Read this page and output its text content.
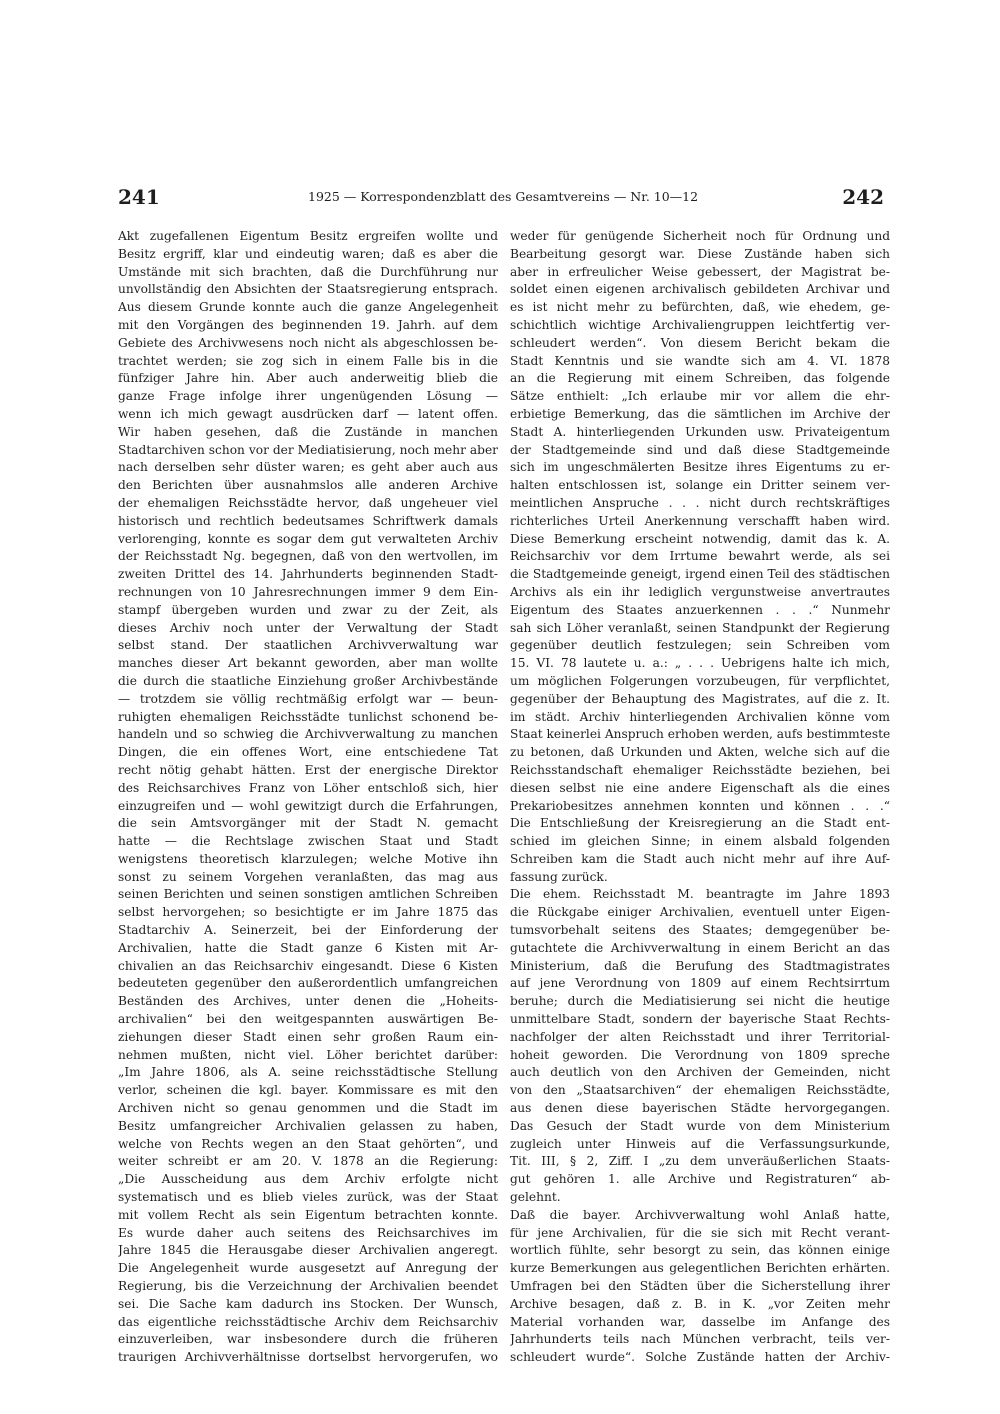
241	1925 — Korrespondenzblatt des Gesamtvereins — Nr. 10—12	242
Akt zugefallenen Eigentum Besitz ergreifen wollte und
Besitz ergriff, klar und eindeutig waren; daß es aber die
Umstände mit sich brachten, daß die Durchführung nur
unvollständig den Absichten der Staatsregierung entsprach.
Aus diesem Grunde konnte auch die ganze Angelegenheit
mit den Vorgängen des beginnenden 19. Jahrh. auf dem
Gebiete des Archivwesens noch nicht als abgeschlossen be-
trachtet werden; sie zog sich in einem Falle bis in die
fünfziger Jahre hin. Aber auch anderweitig blieb die
ganze Frage infolge ihrer ungenügenden Lösung —
wenn ich mich gewagt ausdrücken darf — latent offen.
Wir haben gesehen, daß die Zustände in manchen
Stadtarchiven schon vor der Mediatisierung, noch mehr aber
nach derselben sehr düster waren; es geht aber auch aus
den Berichten über ausnahmslos alle anderen Archive
der ehemaligen Reichsstädte hervor, daß ungeheuer viel
historisch und rechtlich bedeutsames Schriftwerk damals
verlorenging, konnte es sogar dem gut verwalteten Archiv
der Reichsstadt Ng. begegnen, daß von den wertvollen, im
zweiten Drittel des 14. Jahrhunderts beginnenden Stadt-
rechnungen von 10 Jahresrechnungen immer 9 dem Ein-
stampf übergeben wurden und zwar zu der Zeit, als
dieses Archiv noch unter der Verwaltung der Stadt
selbst stand. Der staatlichen Archivverwaltung war
manches dieser Art bekannt geworden, aber man wollte
die durch die staatliche Einziehung großer Archivbestände
— trotzdem sie völlig rechtmäßig erfolgt war — beun-
ruhigten ehemaligen Reichsstädte tunlichst schonend be-
handeln und so schwieg die Archivverwaltung zu manchen
Dingen, die ein offenes Wort, eine entschiedene Tat
recht nötig gehabt hätten. Erst der energische Direktor
des Reichsarchives Franz von Löher entschloß sich, hier
einzugreifen und — wohl gewitzigt durch die Erfahrungen,
die sein Amtsvorgänger mit der Stadt N. gemacht
hatte — die Rechtslage zwischen Staat und Stadt
wenigstens theoretisch klarzulegen; welche Motive ihn
sonst zu seinem Vorgehen veranlaßten, das mag aus
seinen Berichten und seinen sonstigen amtlichen Schreiben
selbst hervorgehen; so besichtigte er im Jahre 1875 das
Stadtarchiv A. Seinerzeit, bei der Einforderung der
Archivalien, hatte die Stadt ganze 6 Kisten mit Ar-
chivalien an das Reichsarchiv eingesandt. Diese 6 Kisten
bedeuteten gegenüber den außerordentlich umfangreichen
Beständen des Archives, unter denen die „Hoheits-
archivalien“ bei den weitgespannten auswärtigen Be-
ziehungen dieser Stadt einen sehr großen Raum ein-
nehmen mußten, nicht viel. Löher berichtet darüber:
„Im Jahre 1806, als A. seine reichsstädtische Stellung
verlor, scheinen die kgl. bayer. Kommissare es mit den
Archiven nicht so genau genommen und die Stadt im
Besitz umfangreicher Archivalien gelassen zu haben,
welche von Rechts wegen an den Staat gehörten“, und
weiter schreibt er am 20. V. 1878 an die Regierung:
„Die Ausscheidung aus dem Archiv erfolgte nicht
systematisch und es blieb vieles zurück, was der Staat
mit vollem Recht als sein Eigentum betrachten konnte.
Es wurde daher auch seitens des Reichsarchives im
Jahre 1845 die Herausgabe dieser Archivalien angeregt.
Die Angelegenheit wurde ausgesetzt auf Anregung der
Regierung, bis die Verzeichnung der Archivalien beendet
sei. Die Sache kam dadurch ins Stocken. Der Wunsch,
das eigentliche reichsstädtische Archiv dem Reichsarchiv
einzuverleiben, war insbesondere durch die früheren
traurigen Archivverhältnisse dortselbst hervorgerufen, wo
weder für genügende Sicherheit noch für Ordnung und
Bearbeitung gesorgt war. Diese Zustände haben sich
aber in erfreulicher Weise gebessert, der Magistrat be-
soldet einen eigenen archivalisch gebildeten Archivar und
es ist nicht mehr zu befürchten, daß, wie ehedem, ge-
schichtlich wichtige Archivaliengruppen leichtfertig ver-
schleudert werden“. Von diesem Bericht bekam die
Stadt Kenntnis und sie wandte sich am 4. VI. 1878
an die Regierung mit einem Schreiben, das folgende
Sätze enthielt: „Ich erlaube mir vor allem die ehr-
erbietige Bemerkung, das die sämtlichen im Archive der
Stadt A. hinterliegenden Urkunden usw. Privateigentum
der Stadtgemeinde sind und daß diese Stadtgemeinde
sich im ungeschmälerten Besitze ihres Eigentums zu er-
halten entschlossen ist, solange ein Dritter seinem ver-
meintlichen Anspruche . . . nicht durch rechtskräftiges
richterliches Urteil Anerkennung verschafft haben wird.
Diese Bemerkung erscheint notwendig, damit das k. A.
Reichsarchiv vor dem Irrtume bewahrt werde, als sei
die Stadtgemeinde geneigt, irgend einen Teil des städtischen
Archivs als ein ihr lediglich vergunstweise anvertrautes
Eigentum des Staates anzuerkennen . . .“ Nunmehr
sah sich Löher veranlaßt, seinen Standpunkt der Regierung
gegenüber deutlich festzulegen; sein Schreiben vom
15. VI. 78 lautete u. a.: „ . . . Uebrigens halte ich mich,
um möglichen Folgerungen vorzubeugen, für verpflichtet,
gegenüber der Behauptung des Magistrates, auf die z. It.
im städt. Archiv hinterliegenden Archivalien könne vom
Staat keinerlei Anspruch erhoben werden, aufs bestimmteste
zu betonen, daß Urkunden und Akten, welche sich auf die
Reichsstandschaft ehemaliger Reichsstädte beziehen, bei
diesen selbst nie eine andere Eigenschaft als die eines
Prekariobesitzes annehmen konnten und können . . .“
Die Entschließung der Kreisregierung an die Stadt ent-
schied im gleichen Sinne; in einem alsbald folgenden
Schreiben kam die Stadt auch nicht mehr auf ihre Auf-
fassung zurück.
Die ehem. Reichsstadt M. beantragte im Jahre 1893
die Rückgabe einiger Archivalien, eventuell unter Eigen-
tumsvorbehalt seitens des Staates; demgegenüber be-
gutachtete die Archivverwaltung in einem Bericht an das
Ministerium, daß die Berufung des Stadtmagistrates
auf jene Verordnung von 1809 auf einem Rechtsirrtum
beruhe; durch die Mediatisierung sei nicht die heutige
unmittelbare Stadt, sondern der bayerische Staat Rechts-
nachfolger der alten Reichsstadt und ihrer Territorial-
hoheit geworden. Die Verordnung von 1809 spreche
auch deutlich von den Archiven der Gemeinden, nicht
von den „Staatsarchiven“ der ehemaligen Reichsstädte,
aus denen diese bayerischen Städte hervorgegangen.
Das Gesuch der Stadt wurde von dem Ministerium
zugleich unter Hinweis auf die Verfassungsurkunde,
Tit. III, § 2, Ziff. I „zu dem unveräußerlichen Staats-
gut gehören 1. alle Archive und Registraturen“ ab-
gelehnt.
Daß die bayer. Archivverwaltung wohl Anlaß hatte,
für jene Archivalien, für die sie sich mit Recht verant-
wortlich fühlte, sehr besorgt zu sein, das können einige
kurze Bemerkungen aus gelegentlichen Berichten erhärten.
Umfragen bei den Städten über die Sicherstellung ihrer
Archive besagen, daß z. B. in K. „vor Zeiten mehr
Material vorhanden war, dasselbe im Anfange des
Jahrhunderts teils nach München verbracht, teils ver-
schleudert wurde“. Solche Zustände hatten der Archiv-
